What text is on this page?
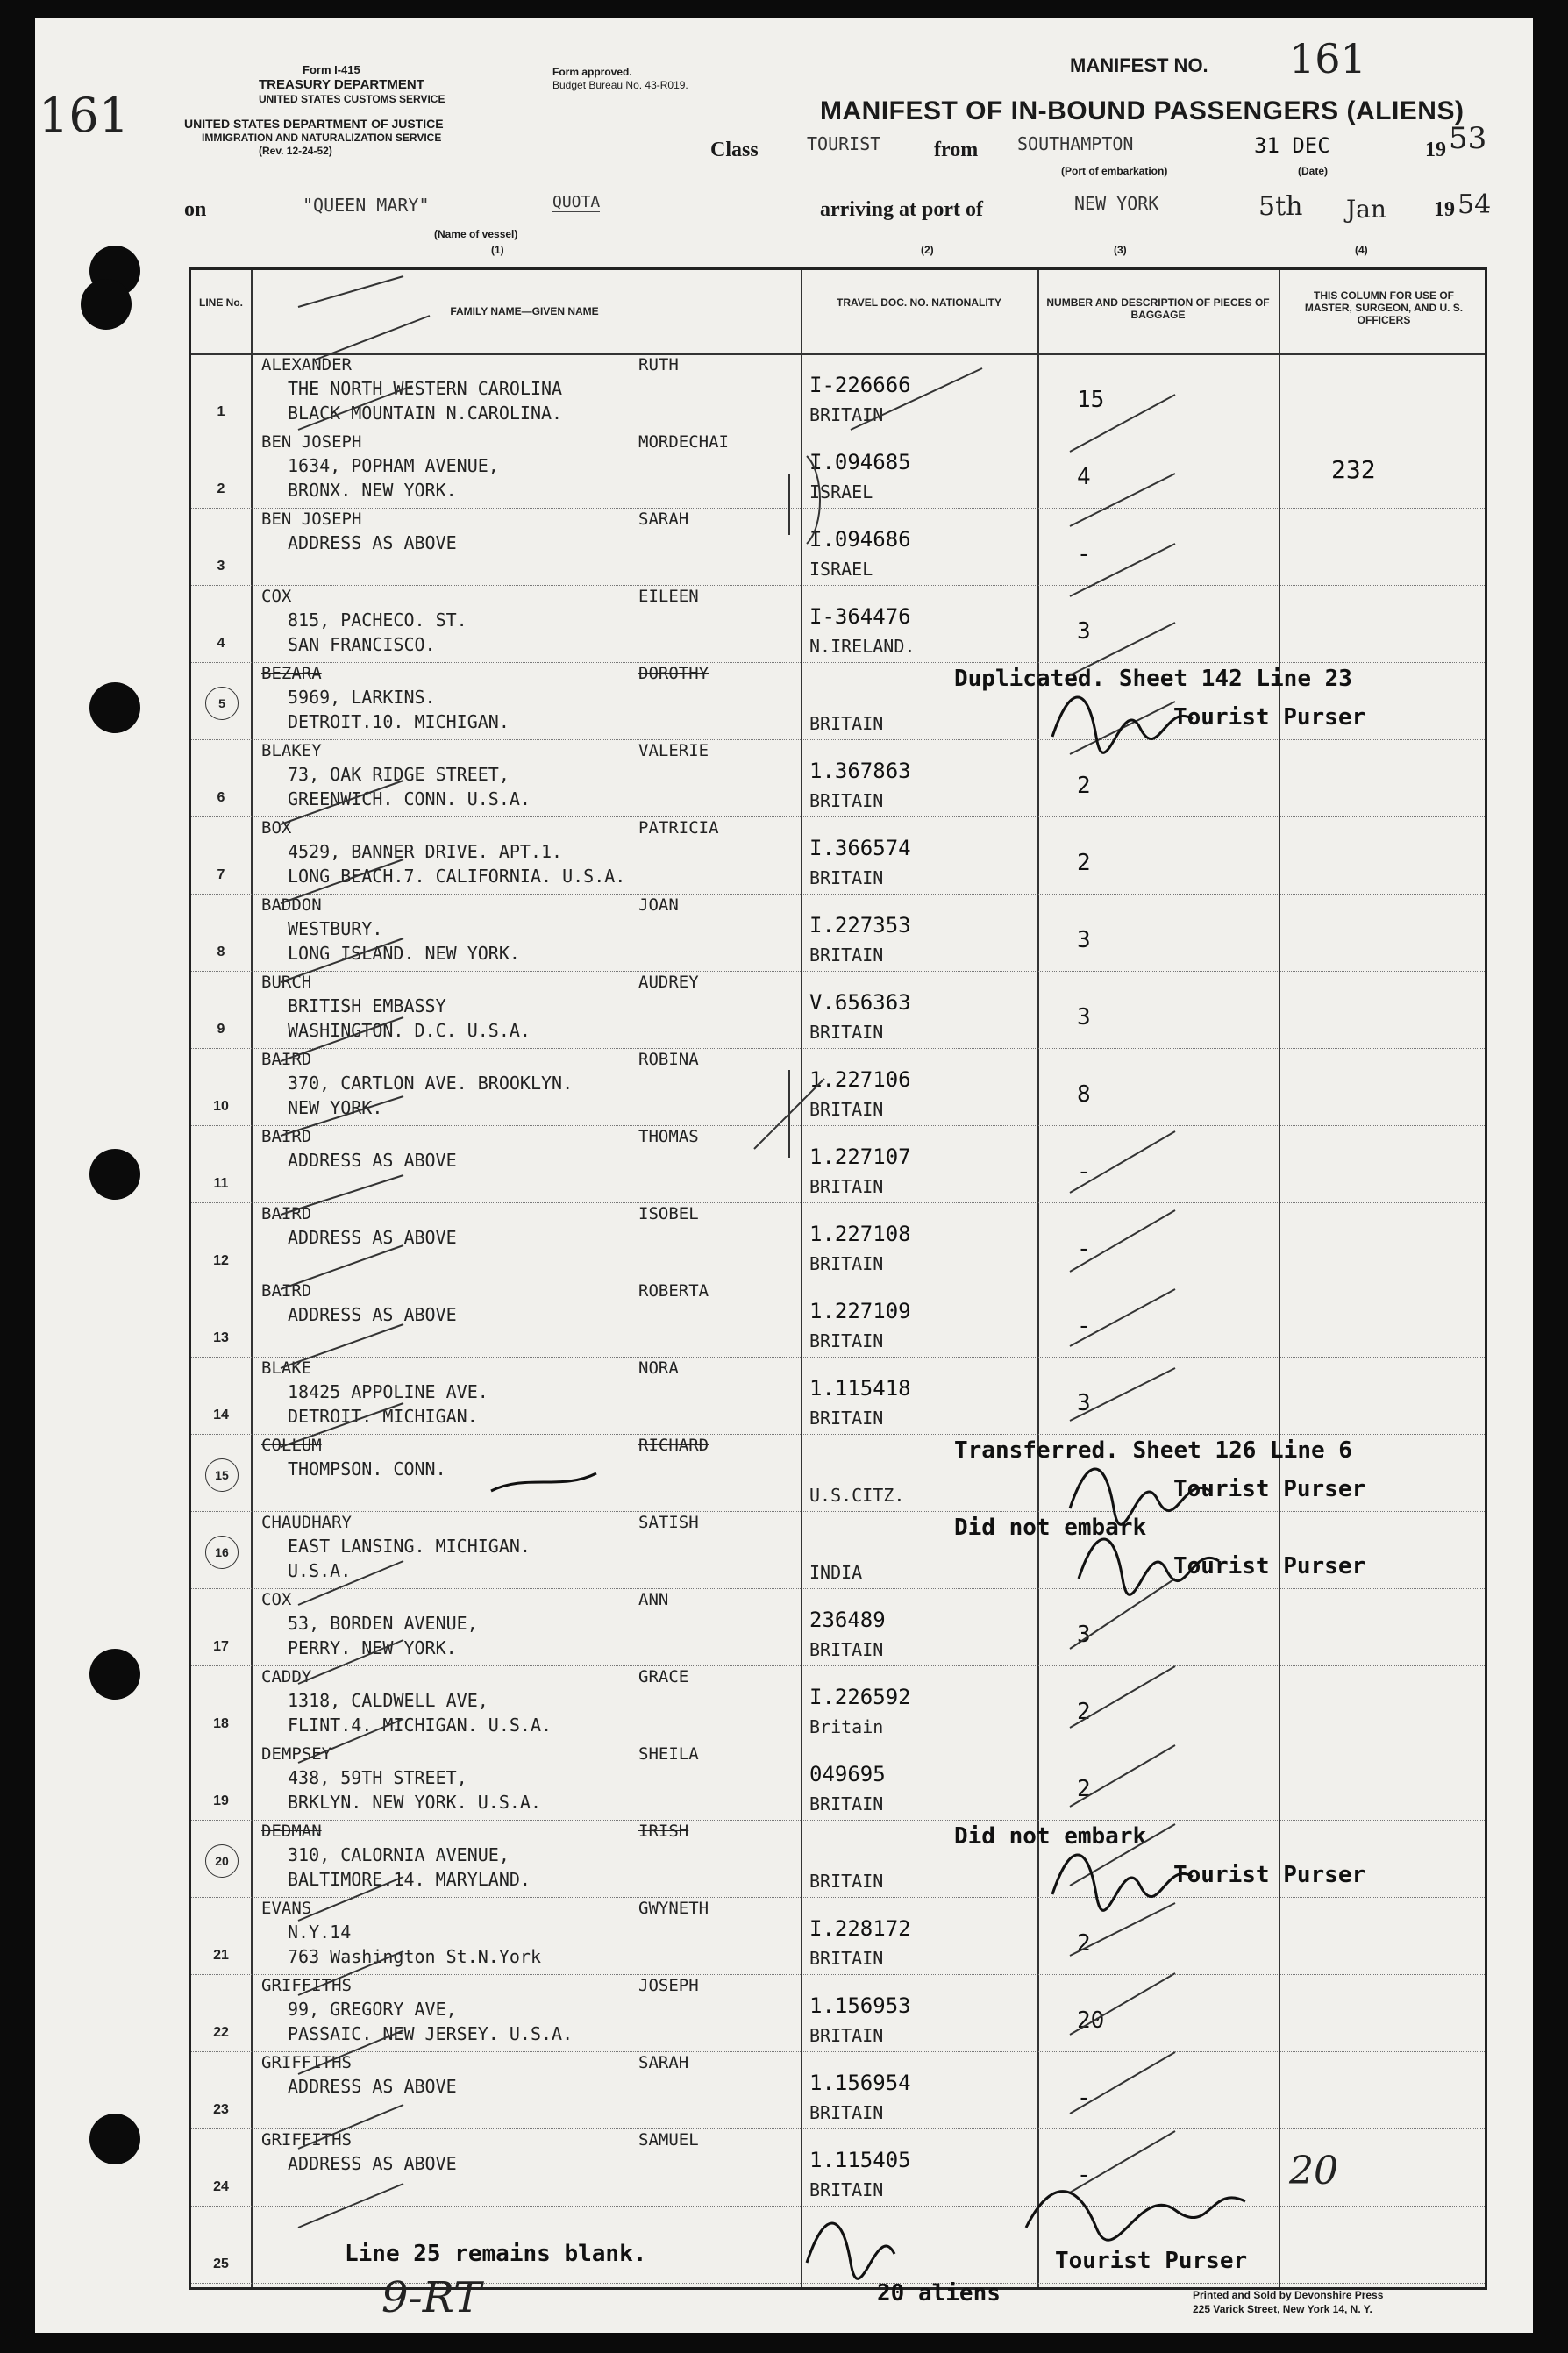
161
Form I-415
TREASURY DEPARTMENT
UNITED STATES CUSTOMS SERVICE
Form approved.
Budget Bureau No. 43-R019.
UNITED STATES DEPARTMENT OF JUSTICE
IMMIGRATION AND NATURALIZATION SERVICE
(Rev. 12-24-52)
MANIFEST NO. 161
MANIFEST OF IN-BOUND PASSENGERS (ALIENS)
QUOTA
Class	TOURIST	from SOUTHAMPTON
(Port of embarkation)
31 DEC
(Date)
19 53
on	"QUEEN MARY"
(Name of vessel)
(1)
arriving at port of	NEW YORK	5th Jan 19 54
(2)	(3)	(4)
LINE No.
FAMILY NAME—GIVEN NAME
TRAVEL DOC. NO. NATIONALITY	NUMBER AND DESCRIPTION OF PIECES OF BAGGAGE
THIS COLUMN FOR USE OF MASTER, SURGEON, AND U. S. OFFICERS
1
ALEXANDER	RUTH
THE NORTH WESTERN CAROLINA
BLACK MOUNTAIN N.CAROLINA.
I-226666
BRITAIN
15
2
BEN JOSEPH	MORDECHAI
1634, POPHAM AVENUE,
BRONX. NEW YORK.
I.094685
ISRAEL
4	232
3
BEN JOSEPH	SARAH
ADDRESS AS ABOVE	I.094686
ISRAEL
-
4
COX	EILEEN
815, PACHECO. ST.
SAN FRANCISCO.
I-364476
N.IRELAND.
3
5
BEZARA	DOROTHY
5969, LARKINS.
DETROIT.10. MICHIGAN.	BRITAIN
Duplicated. Sheet 142 Line 23
Tourist Purser
6
BLAKEY	VALERIE
73, OAK RIDGE STREET,
GREENWICH. CONN. U.S.A.
1.367863
BRITAIN
2
7
BOX	PATRICIA
4529, BANNER DRIVE. APT.1.
LONG BEACH.7. CALIFORNIA. U.S.A.
I.366574
BRITAIN
2
8
BADDON	JOAN
WESTBURY.
LONG ISLAND. NEW YORK.
I.227353
BRITAIN
3
9
BURCH	AUDREY
BRITISH EMBASSY
WASHINGTON. D.C. U.S.A.
V.656363
BRITAIN
3
10
BAIRD	ROBINA
370, CARTLON AVE. BROOKLYN.
NEW YORK.
1.227106
BRITAIN
8
11
BAIRD	THOMAS
ADDRESS AS ABOVE	1.227107
BRITAIN
-
12
BAIRD	ISOBEL
ADDRESS AS ABOVE	1.227108
BRITAIN
-
13
BAIRD	ROBERTA
ADDRESS AS ABOVE	1.227109
BRITAIN
-
14
BLAKE	NORA
18425 APPOLINE AVE.
DETROIT. MICHIGAN.
1.115418
BRITAIN
3
15
COLLUM	RICHARD
THOMPSON. CONN.
U.S.CITZ.
Transferred. Sheet 126 Line 6
Tourist Purser
16
CHAUDHARY	SATISH
EAST LANSING. MICHIGAN.
U.S.A.	INDIA
Did not embark
Tourist Purser
17
COX	ANN
53, BORDEN AVENUE,
PERRY. NEW YORK.
236489
BRITAIN
3
18
CADDY	GRACE
1318, CALDWELL AVE,
FLINT.4. MICHIGAN. U.S.A.
I.226592
Britain
2
19
DEMPSEY	SHEILA
438, 59TH STREET,
BRKLYN. NEW YORK. U.S.A.
049695
BRITAIN
2
20
DEDMAN	IRISH
310, CALORNIA AVENUE,
BALTIMORE.14. MARYLAND.	BRITAIN
Did not embark
Tourist Purser
21
EVANS	GWYNETH
N.Y.14
763 Washington St.N.York
I.228172
BRITAIN
2
22
GRIFFITHS	JOSEPH
99, GREGORY AVE,
PASSAIC. NEW JERSEY. U.S.A.
1.156953
BRITAIN
20
23
GRIFFITHS	SARAH
ADDRESS AS ABOVE	1.156954
BRITAIN
-
24
GRIFFITHS	SAMUEL
ADDRESS AS ABOVE	1.115405
BRITAIN
-
25	Line 25 remains blank.	Tourist Purser
20 aliens	Printed and Sold by Devonshire Press
225 Varick Street, New York 14, N. Y.
9-RT
20
